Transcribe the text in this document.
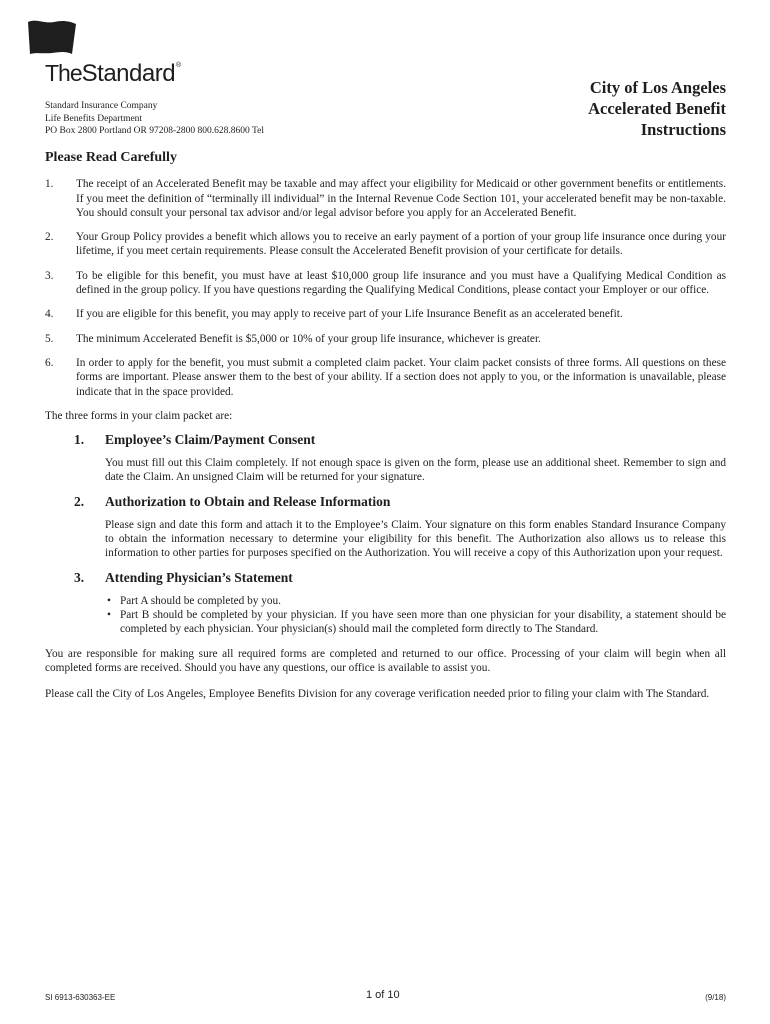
TheStandard®
Standard Insurance Company
Life Benefits Department
PO Box 2800 Portland OR 97208-2800 800.628.8600 Tel
City of Los Angeles
Accelerated Benefit
Instructions
Please Read Carefully
1. The receipt of an Accelerated Benefit may be taxable and may affect your eligibility for Medicaid or other government benefits or entitlements. If you meet the definition of “terminally ill individual” in the Internal Revenue Code Section 101, your accelerated benefit may be non-taxable. You should consult your personal tax advisor and/or legal advisor before you apply for an Accelerated Benefit.
2. Your Group Policy provides a benefit which allows you to receive an early payment of a portion of your group life insurance once during your lifetime, if you meet certain requirements. Please consult the Accelerated Benefit provision of your certificate for details.
3. To be eligible for this benefit, you must have at least $10,000 group life insurance and you must have a Qualifying Medical Condition as defined in the group policy. If you have questions regarding the Qualifying Medical Conditions, please contact your Employer or our office.
4. If you are eligible for this benefit, you may apply to receive part of your Life Insurance Benefit as an accelerated benefit.
5. The minimum Accelerated Benefit is $5,000 or 10% of your group life insurance, whichever is greater.
6. In order to apply for the benefit, you must submit a completed claim packet. Your claim packet consists of three forms. All questions on these forms are important. Please answer them to the best of your ability. If a section does not apply to you, or the information is unavailable, please indicate that in the space provided.

The three forms in your claim packet are:

1. Employee’s Claim/Payment Consent
You must fill out this Claim completely. If not enough space is given on the form, please use an additional sheet. Remember to sign and date the Claim. An unsigned Claim will be returned for your signature.
2. Authorization to Obtain and Release Information
Please sign and date this form and attach it to the Employee’s Claim. Your signature on this form enables Standard Insurance Company to obtain the information necessary to determine your eligibility for this benefit. The Authorization also allows us to release this information to other parties for purposes specified on the Authorization. You will receive a copy of this Authorization upon your request.
3. Attending Physician’s Statement
• Part A should be completed by you.
• Part B should be completed by your physician. If you have seen more than one physician for your disability, a statement should be completed by each physician. Your physician(s) should mail the completed form directly to The Standard.

You are responsible for making sure all required forms are completed and returned to our office. Processing of your claim will begin when all completed forms are received. Should you have any questions, our office is available to assist you.

Please call the City of Los Angeles, Employee Benefits Division for any coverage verification needed prior to filing your claim with The Standard.

SI 6913-630363-EE	1 of 10	(9/18)
